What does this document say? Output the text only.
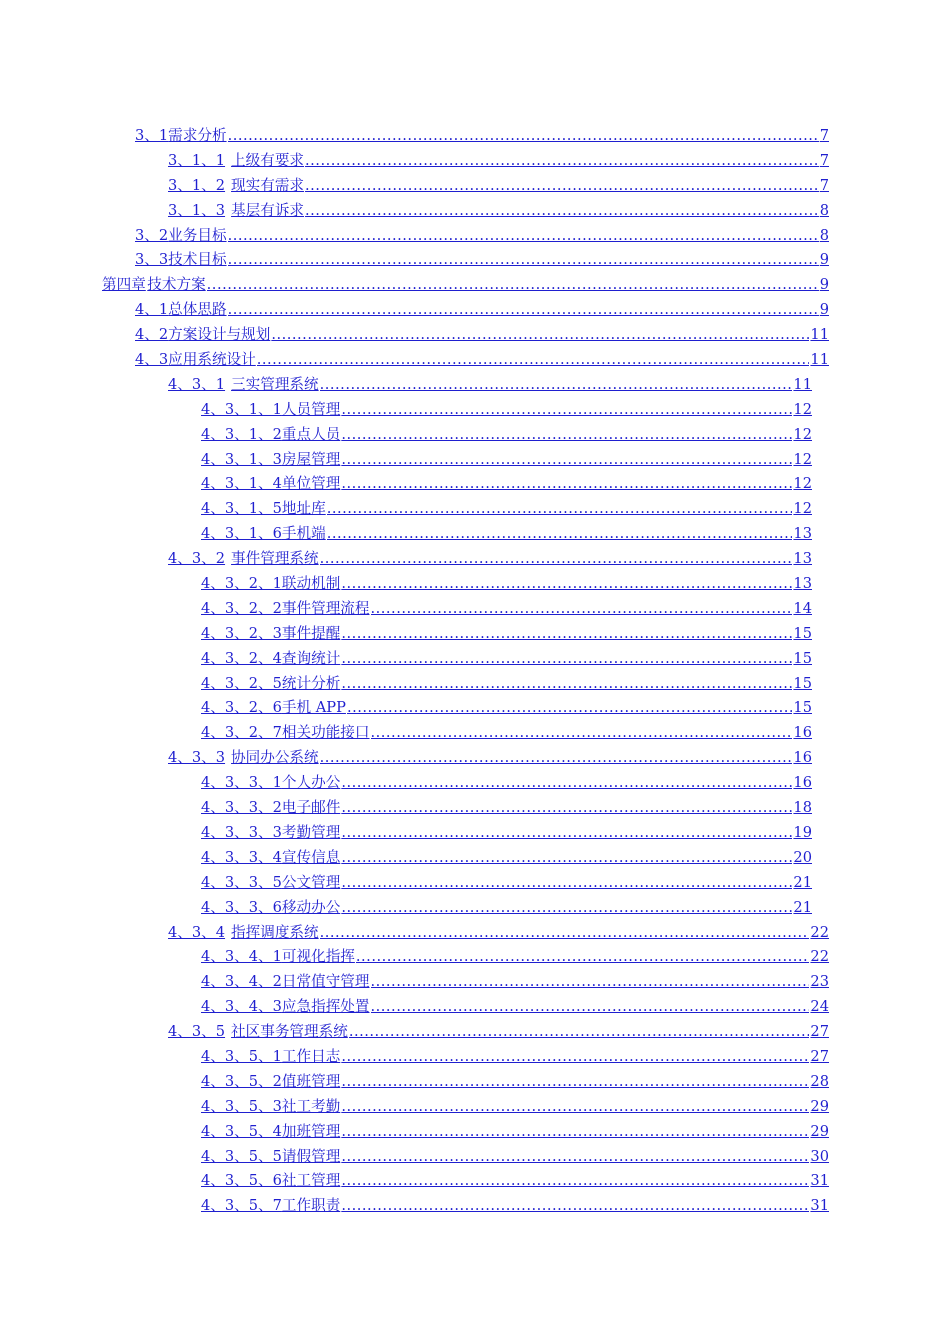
3、1 需求分析 .....	7
3、1、1 上级有要求 .....	7
3、1、2 现实有需求 .....	7
3、1、3 基层有诉求 .....	8
3、2 业务目标 .....	8
3、3 技术目标 .....	9
第四章 技术方案 .....	9
4、1 总体思路 .....	9
4、2 方案设计与规划 .....	11
4、3 应用系统设计 .....	11
4、3、1 三实管理系统 .....	11
4、3、1、1 人员管理 .....	12
4、3、1、2 重点人员 .....	12
4、3、1、3 房屋管理 .....	12
4、3、1、4 单位管理 .....	12
4、3、1、5 地址库 .....	12
4、3、1、6 手机端 .....	13
4、3、2 事件管理系统 .....	13
4、3、2、1 联动机制 .....	13
4、3、2、2 事件管理流程 .....	14
4、3、2、3 事件提醒 .....	15
4、3、2、4 查询统计 .....	15
4、3、2、5 统计分析 .....	15
4、3、2、6 手机 APP .....	15
4、3、2、7 相关功能接口 .....	16
4、3、3 协同办公系统 .....	16
4、3、3、1 个人办公 .....	16
4、3、3、2 电子邮件 .....	18
4、3、3、3 考勤管理 .....	19
4、3、3、4 宣传信息 .....	20
4、3、3、5 公文管理 .....	21
4、3、3、6 移动办公 .....	21
4、3、4 指挥调度系统 .....	22
4、3、4、1 可视化指挥 .....	22
4、3、4、2 日常值守管理 .....	23
4、3、4、3 应急指挥处置 .....	24
4、3、5 社区事务管理系统 .....	27
4、3、5、1 工作日志 .....	27
4、3、5、2 值班管理 .....	28
4、3、5、3 社工考勤 .....	29
4、3、5、4 加班管理 .....	29
4、3、5、5 请假管理 .....	30
4、3、5、6 社工管理 .....	31
4、3、5、7 工作职责 .....	31
